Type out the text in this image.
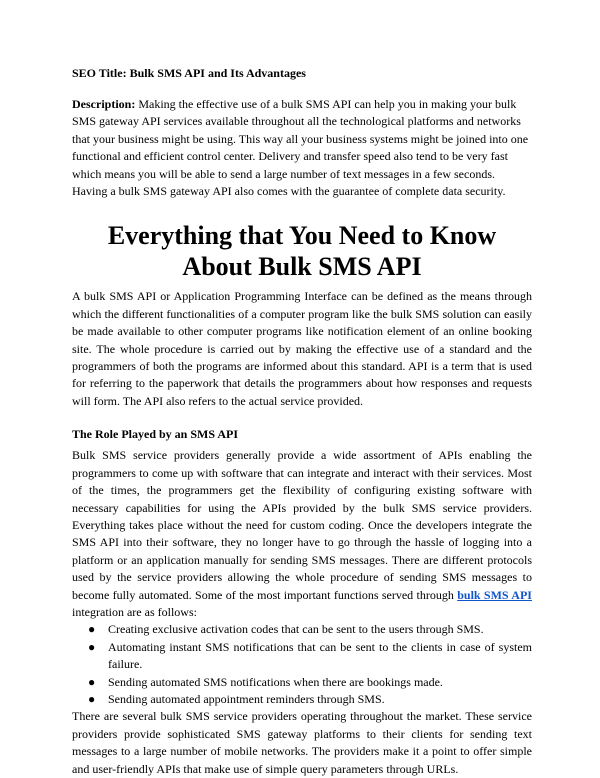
SEO Title: Bulk SMS API and Its Advantages

Description: Making the effective use of a bulk SMS API can help you in making your bulk SMS gateway API services available throughout all the technological platforms and networks that your business might be using. This way all your business systems might be joined into one functional and efficient control center. Delivery and transfer speed also tend to be very fast which means you will be able to send a large number of text messages in a few seconds. Having a bulk SMS gateway API also comes with the guarantee of complete data security.

Everything that You Need to Know About Bulk SMS API

A bulk SMS API or Application Programming Interface can be defined as the means through which the different functionalities of a computer program like the bulk SMS solution can easily be made available to other computer programs like notification element of an online booking site. The whole procedure is carried out by making the effective use of a standard and the programmers of both the programs are informed about this standard. API is a term that is used for referring to the paperwork that details the programmers about how responses and requests will form. The API also refers to the actual service provided.

The Role Played by an SMS API

Bulk SMS service providers generally provide a wide assortment of APIs enabling the programmers to come up with software that can integrate and interact with their services. Most of the times, the programmers get the flexibility of configuring existing software with necessary capabilities for using the APIs provided by the bulk SMS service providers. Everything takes place without the need for custom coding. Once the developers integrate the SMS API into their software, they no longer have to go through the hassle of logging into a platform or an application manually for sending SMS messages. There are different protocols used by the service providers allowing the whole procedure of sending SMS messages to become fully automated. Some of the most important functions served through bulk SMS API integration are as follows:

● Creating exclusive activation codes that can be sent to the users through SMS.
● Automating instant SMS notifications that can be sent to the clients in case of system failure.
● Sending automated SMS notifications when there are bookings made.
● Sending automated appointment reminders through SMS.

There are several bulk SMS service providers operating throughout the market. These service providers provide sophisticated SMS gateway platforms to their clients for sending text messages to a large number of mobile networks. The providers make it a point to offer simple and user-friendly APIs that make use of simple query parameters through URLs.
